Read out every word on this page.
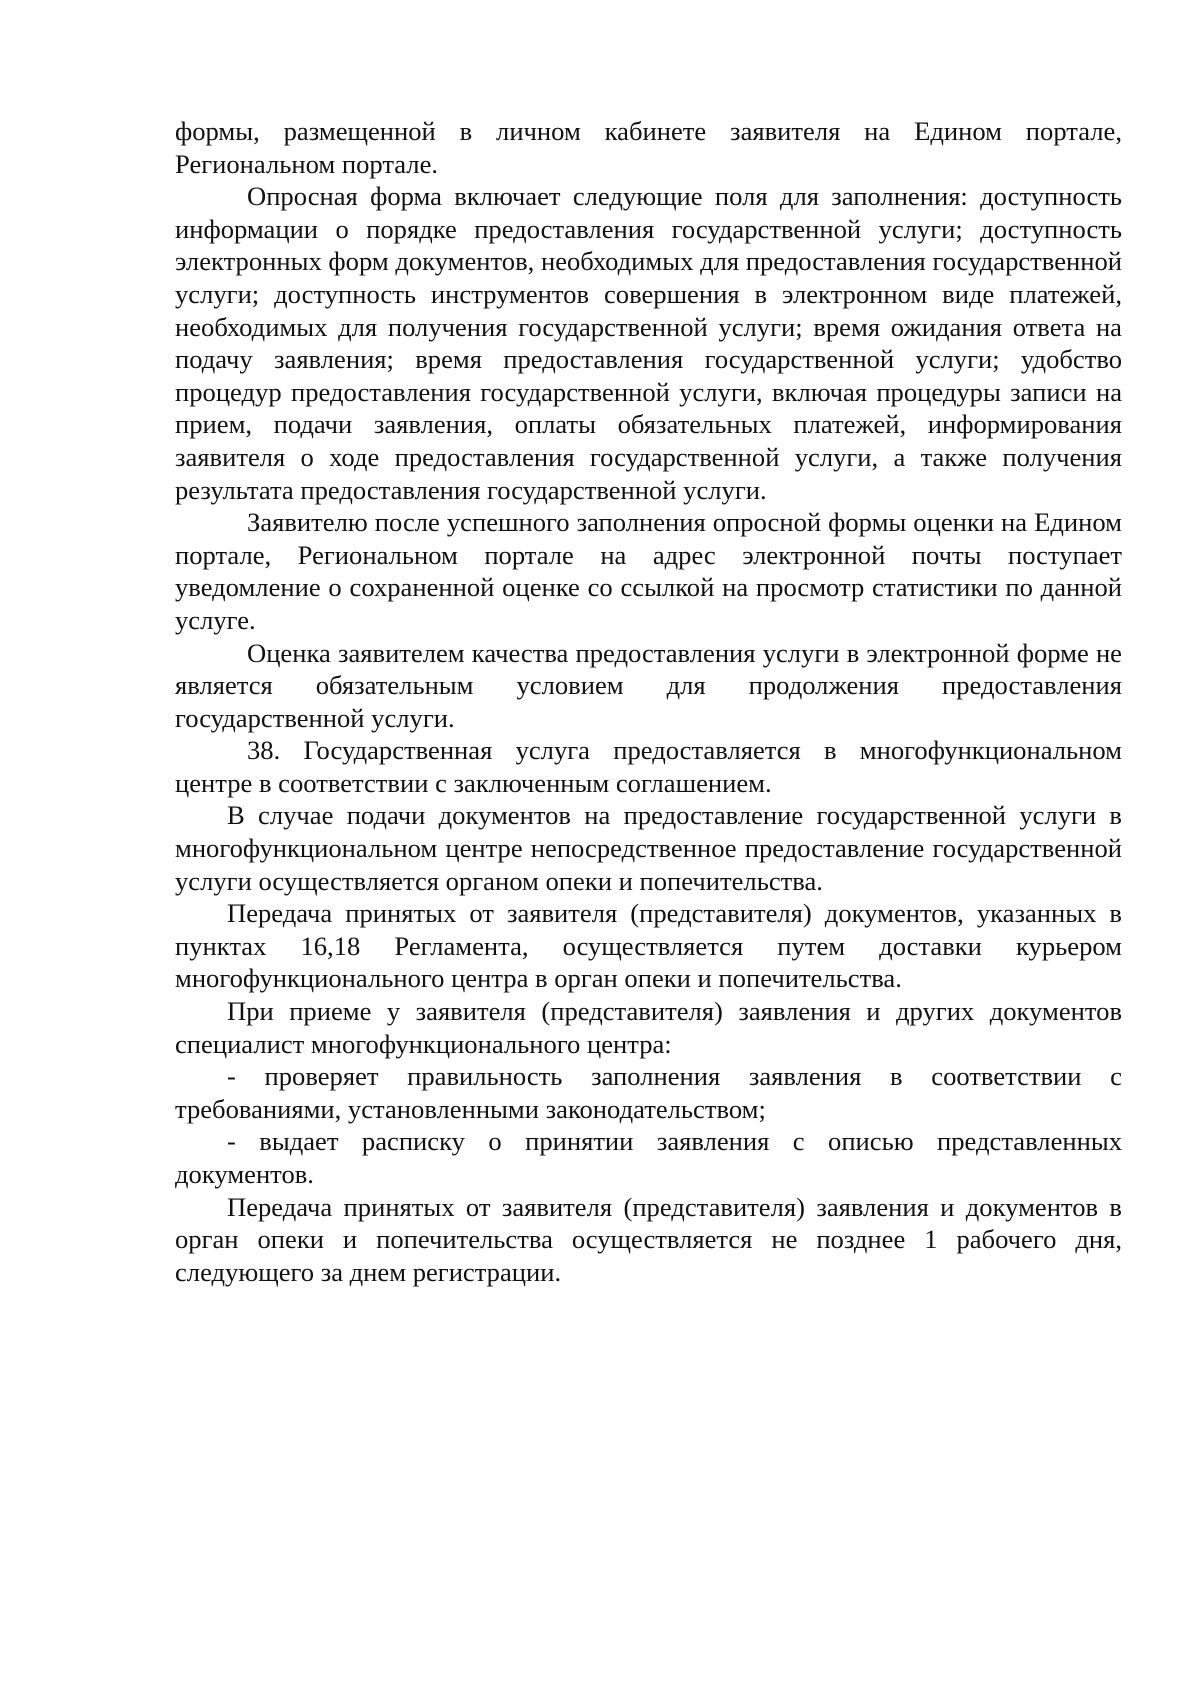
формы, размещенной в личном кабинете заявителя на Едином портале, Региональном портале.

Опросная форма включает следующие поля для заполнения: доступность информации о порядке предоставления государственной услуги; доступность электронных форм документов, необходимых для предоставления государственной услуги; доступность инструментов совершения в электронном виде платежей, необходимых для получения государственной услуги; время ожидания ответа на подачу заявления; время предоставления государственной услуги; удобство процедур предоставления государственной услуги, включая процедуры записи на прием, подачи заявления, оплаты обязательных платежей, информирования заявителя о ходе предоставления государственной услуги, а также получения результата предоставления государственной услуги.

Заявителю после успешного заполнения опросной формы оценки на Едином портале, Региональном портале на адрес электронной почты поступает уведомление о сохраненной оценке со ссылкой на просмотр статистики по данной услуге.

Оценка заявителем качества предоставления услуги в электронной форме не является обязательным условием для продолжения предоставления государственной услуги.

38. Государственная услуга предоставляется в многофункциональном центре в соответствии с заключенным соглашением.

В случае подачи документов на предоставление государственной услуги в многофункциональном центре непосредственное предоставление государственной услуги осуществляется органом опеки и попечительства.

Передача принятых от заявителя (представителя) документов, указанных в пунктах 16,18 Регламента, осуществляется путем доставки курьером многофункционального центра в орган опеки и попечительства.

При приеме у заявителя (представителя) заявления и других документов специалист многофункционального центра:

- проверяет правильность заполнения заявления в соответствии с требованиями, установленными законодательством;

- выдает расписку о принятии заявления с описью представленных документов.

Передача принятых от заявителя (представителя) заявления и документов в орган опеки и попечительства осуществляется не позднее 1 рабочего дня, следующего за днем регистрации.
